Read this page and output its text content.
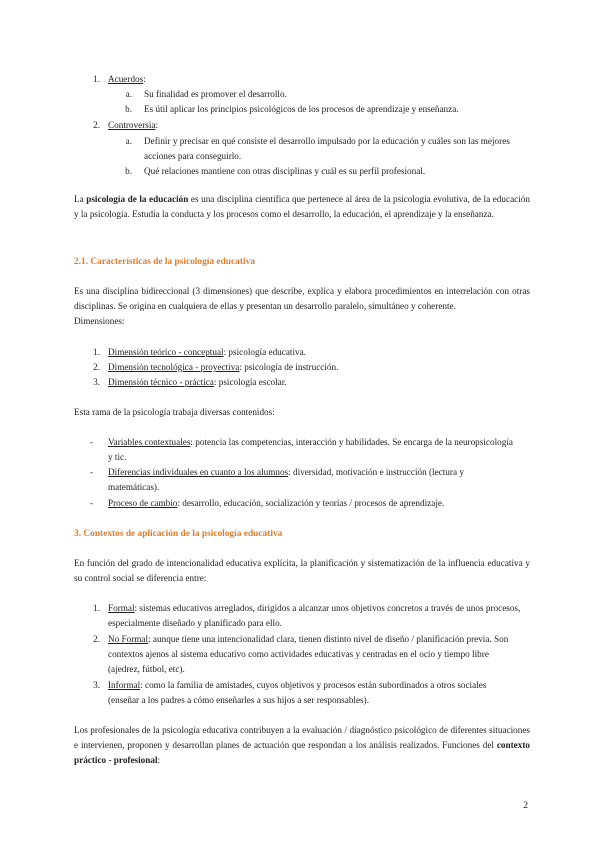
1. Acuerdos:
a. Su finalidad es promover el desarrollo.
b. Es útil aplicar los principios psicológicos de los procesos de aprendizaje y enseñanza.
2. Controversia:
a. Definir y precisar en qué consiste el desarrollo impulsado por la educación y cuáles son las mejores
acciones para conseguirlo.
b. Qué relaciones mantiene con otras disciplinas y cuál es su perfil profesional.

La psicología de la educación es una disciplina científica que pertenece al área de la psicología evolutiva, de la educación y la psicología. Estudia la conducta y los procesos como el desarrollo, la educación, el aprendizaje y la enseñanza.

2.1. Características de la psicología educativa

Es una disciplina bidireccional (3 dimensiones) que describe, explica y elabora procedimientos en interrelación con otras disciplinas. Se origina en cualquiera de ellas y presentan un desarrollo paralelo, simultáneo y coherente.

Dimensiones:
1. Dimensión teórico - conceptual: psicología educativa.
2. Dimensión tecnológica - proyectiva: psicología de instrucción.
3. Dimensión técnico - práctica: psicología escolar.
Esta rama de la psicología trabaja diversas contenidos:
- Variables contextuales: potencia las competencias, interacción y habilidades. Se encarga de la neuropsicología
y tic.
- Diferencias individuales en cuanto a los alumnos: diversidad, motivación e instrucción (lectura y
matemáticas).
- Proceso de cambio: desarrollo, educación, socialización y teorías / procesos de aprendizaje.
3. Contextos de aplicación de la psicología educativa

En función del grado de intencionalidad educativa explícita, la planificación y sistematización de la influencia educativa y su control social se diferencia entre:

1. Formal: sistemas educativos arreglados, dirigidos a alcanzar unos objetivos concretos a través de unos procesos,
especialmente diseñado y planificado para ello.
2. No Formal: aunque tiene una intencionalidad clara, tienen distinto nivel de diseño / planificación previa. Son
contextos ajenos al sistema educativo como actividades educativas y centradas en el ocio y tiempo libre
(ajedrez, fútbol, etc).
3. Informal: como la familia de amistades, cuyos objetivos y procesos están subordinados a otros sociales
(enseñar a los padres a cómo enseñarles a sus hijos a ser responsables).

Los profesionales de la psicología educativa contribuyen a la evaluación / diagnóstico psicológico de diferentes situaciones e intervienen, proponen y desarrollan planes de actuación que respondan a los análisis realizados. Funciones del contexto práctico - profesional:

2
